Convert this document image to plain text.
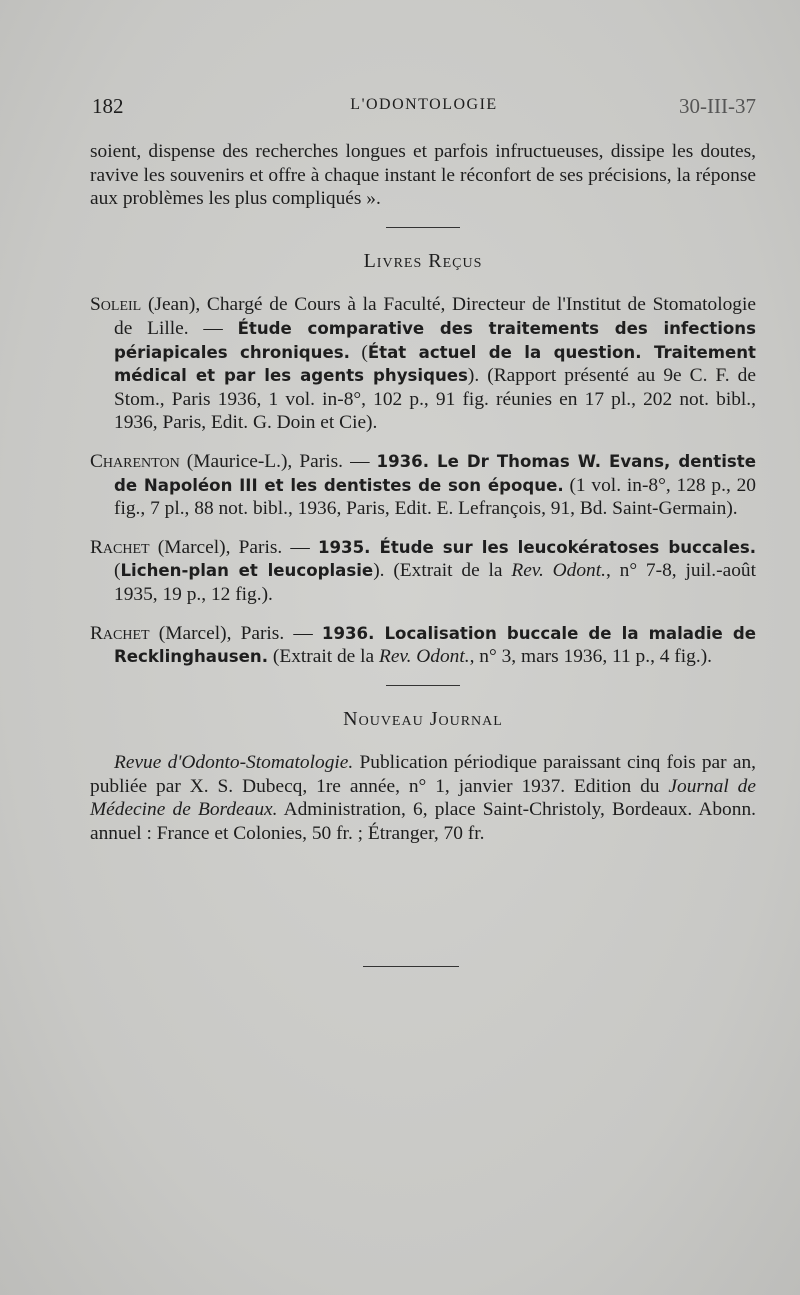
182	L'ODONTOLOGIE	30-III-37

soient, dispense des recherches longues et parfois infructueuses, dissipe les doutes, ravive les souvenirs et offre à chaque instant le réconfort de ses précisions, la réponse aux problèmes les plus compliqués ».

Livres Reçus

Soleil (Jean), Chargé de Cours à la Faculté, Directeur de l'Institut de Stomatologie de Lille. — Étude comparative des traitements des infections périapicales chroniques. (État actuel de la question. Traitement médical et par les agents physiques). (Rapport présenté au 9e C. F. de Stom., Paris 1936, 1 vol. in-8°, 102 p., 91 fig. réunies en 17 pl., 202 not. bibl., 1936, Paris, Edit. G. Doin et Cie).

Charenton (Maurice-L.), Paris. — 1936. Le Dr Thomas W. Evans, dentiste de Napoléon III et les dentistes de son époque. (1 vol. in-8°, 128 p., 20 fig., 7 pl., 88 not. bibl., 1936, Paris, Edit. E. Lefrançois, 91, Bd. Saint-Germain).

Rachet (Marcel), Paris. — 1935. Étude sur les leucokératoses buccales. (Lichen-plan et leucoplasie). (Extrait de la Rev. Odont., n° 7-8, juil.-août 1935, 19 p., 12 fig.).

Rachet (Marcel), Paris. — 1936. Localisation buccale de la maladie de Recklinghausen. (Extrait de la Rev. Odont., n° 3, mars 1936, 11 p., 4 fig.).

Nouveau Journal

Revue d'Odonto-Stomatologie. Publication périodique paraissant cinq fois par an, publiée par X. S. Dubecq, 1re année, n° 1, janvier 1937. Edition du Journal de Médecine de Bordeaux. Administration, 6, place Saint-Christoly, Bordeaux. Abonn. annuel : France et Colonies, 50 fr. ; Étranger, 70 fr.
